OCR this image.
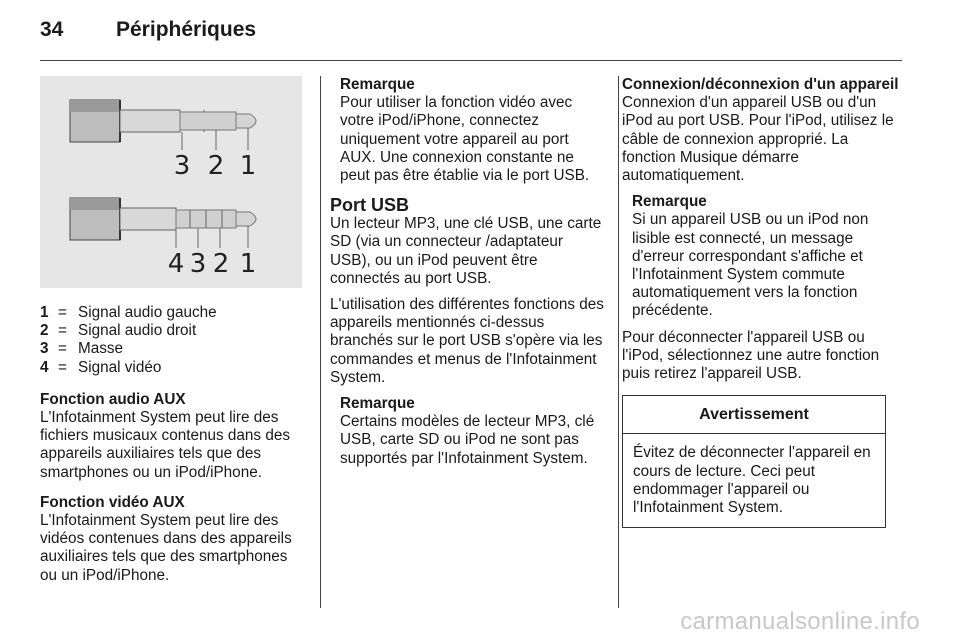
34	Périphériques
3 2 1
4 3 2 1
1 = Signal audio gauche
2 = Signal audio droit
3 = Masse
4 = Signal vidéo
Fonction audio AUX

L'Infotainment System peut lire des fichiers musicaux contenus dans des appareils auxiliaires tels que des smartphones ou un iPod/iPhone.

Fonction vidéo AUX

L'Infotainment System peut lire des vidéos contenues dans des appareils auxiliaires tels que des smartphones ou un iPod/iPhone.

Remarque
Pour utiliser la fonction vidéo avec votre iPod/iPhone, connectez uniquement votre appareil au port AUX. Une connexion constante ne peut pas être établie via le port USB.
Port USB

Un lecteur MP3, une clé USB, une carte SD (via un connecteur /adaptateur USB), ou un iPod peuvent être connectés au port USB.

L'utilisation des différentes fonctions des appareils mentionnés ci-dessus branchés sur le port USB s'opère via les commandes et menus de l'Infotainment System.

Remarque
Certains modèles de lecteur MP3, clé USB, carte SD ou iPod ne sont pas supportés par l'Infotainment System.
Connexion/déconnexion d'un appareil

Connexion d'un appareil USB ou d'un iPod au port USB. Pour l'iPod, utilisez le câble de connexion approprié. La fonction Musique démarre automatiquement.

Remarque
Si un appareil USB ou un iPod non lisible est connecté, un message d'erreur correspondant s'affiche et l'Infotainment System commute automatiquement vers la fonction précédente.

Pour déconnecter l'appareil USB ou l'iPod, sélectionnez une autre fonction puis retirez l'appareil USB.

Avertissement
Évitez de déconnecter l'appareil en cours de lecture. Ceci peut endommager l'appareil ou l'Infotainment System.
carmanualsonline.info
